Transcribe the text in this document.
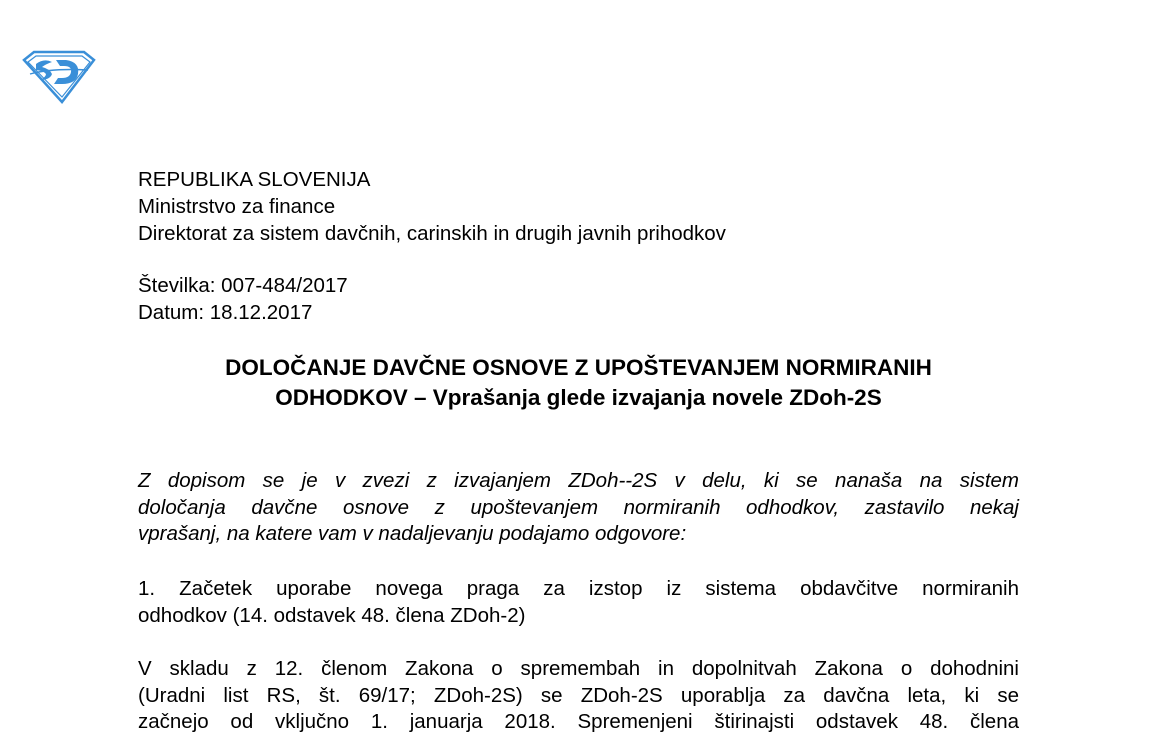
REPUBLIKA SLOVENIJA
Ministrstvo za finance
Direktorat za sistem davčnih, carinskih in drugih javnih prihodkov
Številka: 007-484/2017
Datum: 18.12.2017
DOLOČANJE DAVČNE OSNOVE Z UPOŠTEVANJEM NORMIRANIH
ODHODKOV – Vprašanja glede izvajanja novele ZDoh-2S
Z dopisom se je v zvezi z izvajanjem ZDoh--2S v delu, ki se nanaša na sistem
določanja davčne osnove z upoštevanjem normiranih odhodkov, zastavilo nekaj
vprašanj, na katere vam v nadaljevanju podajamo odgovore:
1. Začetek uporabe novega praga za izstop iz sistema obdavčitve normiranih
odhodkov (14. odstavek 48. člena ZDoh-2)
V skladu z 12. členom Zakona o spremembah in dopolnitvah Zakona o dohodnini
(Uradni list RS, št. 69/17; ZDoh-2S) se ZDoh-2S uporablja za davčna leta, ki se
začnejo od vključno 1. januarja 2018. Spremenjeni štirinajsti odstavek 48. člena
